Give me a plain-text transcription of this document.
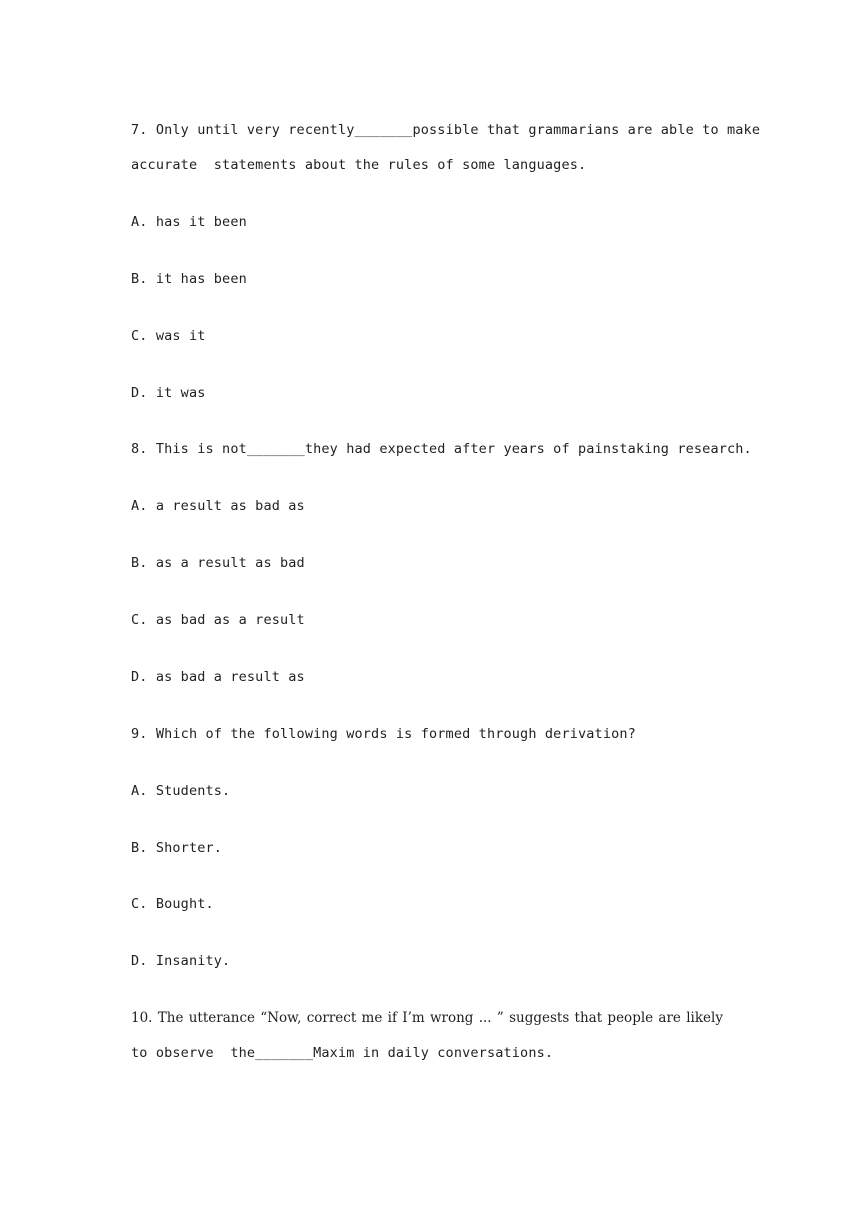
7. Only until very recently_______possible that grammarians are able to make
accurate  statements about the rules of some languages.
A. has it been
B. it has been
C. was it
D. it was
8. This is not_______they had expected after years of painstaking research.
A. a result as bad as
B. as a result as bad
C. as bad as a result
D. as bad a result as
9. Which of the following words is formed through derivation?
A. Students.
B. Shorter.
C. Bought.
D. Insanity.
10. The utterance “Now, correct me if I’m wrong ... ” suggests that people are likely
to observe  the_______Maxim in daily conversations.
